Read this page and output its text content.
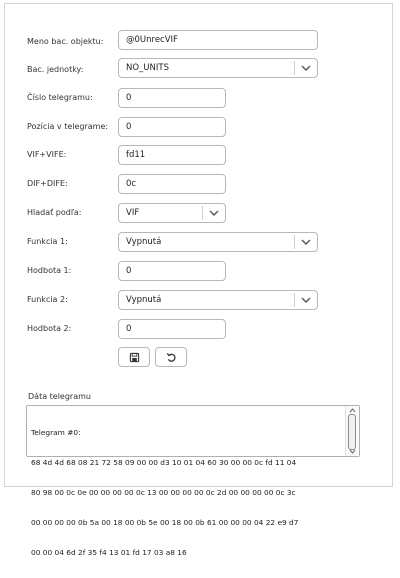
Meno bac. objektu:	@0UnrecVIF
Bac. jednotky:	NO_UNITS
Číslo telegramu:	0
Pozícia v telegrame:	0
VIF+VIFE:	fd11
DIF+DIFE:	0c
Hladať podľa:	VIF
Funkcia 1:	Vypnutá
Hodbota 1:	0
Funkcia 2:	Vypnutá
Hodbota 2:	0
Dáta telegramu

Telegram #0:

68 4d 4d 68 08 21 72 58 09 00 00 d3 10 01 04 60 30 00 00 0c fd 11 04

80 98 00 0c 0e 00 00 00 00 0c 13 00 00 00 00 0c 2d 00 00 00 00 0c 3c

00 00 00 00 0b 5a 00 18 00 0b 5e 00 18 00 0b 61 00 00 00 04 22 e9 d7

00 00 04 6d 2f 35 f4 13 01 fd 17 03 a8 16
